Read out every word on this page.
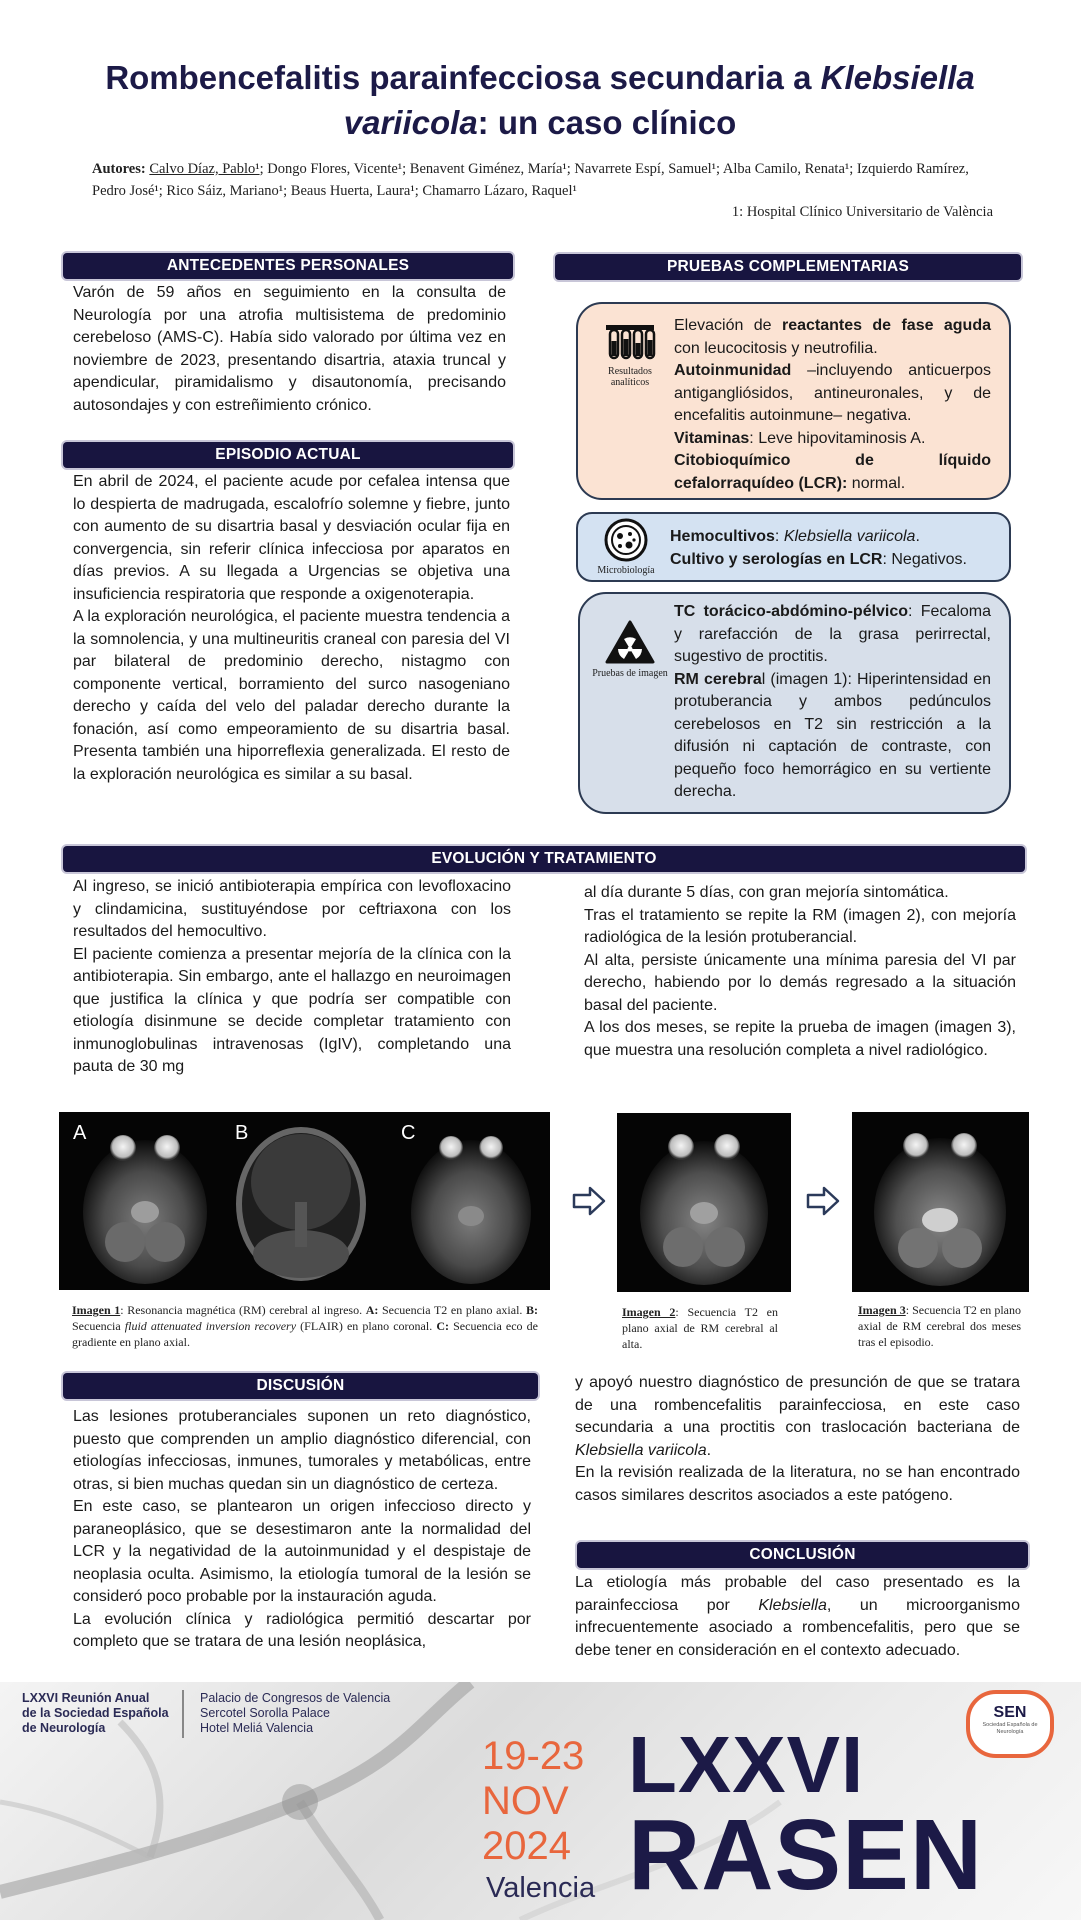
Rombencefalitis parainfecciosa secundaria a Klebsiella
variicola: un caso clínico
Autores: Calvo Díaz, Pablo¹; Dongo Flores, Vicente¹; Benavent Giménez, María¹; Navarrete Espí, Samuel¹; Alba Camilo, Renata¹; Izquierdo Ramírez, Pedro José¹; Rico Sáiz, Mariano¹; Beaus Huerta, Laura¹; Chamarro Lázaro, Raquel¹
1: Hospital Clínico Universitario de València
ANTECEDENTES PERSONALES
Varón de 59 años en seguimiento en la consulta de Neurología por una atrofia multisistema de predominio cerebeloso (AMS-C). Había sido valorado por última vez en noviembre de 2023, presentando disartria, ataxia truncal y apendicular, piramidalismo y disautonomía, precisando autosondajes y con estreñimiento crónico.
EPISODIO ACTUAL
En abril de 2024, el paciente acude por cefalea intensa que lo despierta de madrugada, escalofrío solemne y fiebre, junto con aumento de su disartria basal y desviación ocular fija en convergencia, sin referir clínica infecciosa por aparatos en días previos. A su llegada a Urgencias se objetiva una insuficiencia respiratoria que responde a oxigenoterapia.
A la exploración neurológica, el paciente muestra tendencia a la somnolencia, y una multineuritis craneal con paresia del VI par bilateral de predominio derecho, nistagmo con componente vertical, borramiento del surco nasogeniano derecho y caída del velo del paladar derecho durante la fonación, así como empeoramiento de su disartria basal. Presenta también una hiporreflexia generalizada. El resto de la exploración neurológica es similar a su basal.
PRUEBAS COMPLEMENTARIAS
Resultados analíticos

Elevación de reactantes de fase aguda con leucocitosis y neutrofilia.

Autoinmunidad –incluyendo anticuerpos antigangliósidos, antineuronales, y de encefalitis autoinmune– negativa.

Vitaminas: Leve hipovitaminosis A.

Citobioquímico de líquido cefalorraquídeo (LCR): normal.

Microbiología

Hemocultivos: Klebsiella variicola.

Cultivo y serologías en LCR: Negativos.

Pruebas de imagen

TC torácico-abdómino-pélvico: Fecaloma y rarefacción de la grasa perirrectal, sugestivo de proctitis.

RM cerebral (imagen 1): Hiperintensidad en protuberancia y ambos pedúnculos cerebelosos en T2 sin restricción a la difusión ni captación de contraste, con pequeño foco hemorrágico en su vertiente derecha.

EVOLUCIÓN Y TRATAMIENTO
Al ingreso, se inició antibioterapia empírica con levofloxacino y clindamicina, sustituyéndose por ceftriaxona con los resultados del hemocultivo.
El paciente comienza a presentar mejoría de la clínica con la antibioterapia. Sin embargo, ante el hallazgo en neuroimagen que justifica la clínica y que podría ser compatible con etiología disinmune se decide completar tratamiento con inmunoglobulinas intravenosas (IgIV), completando una pauta de 30 mg
al día durante 5 días, con gran mejoría sintomática.
Tras el tratamiento se repite la RM (imagen 2), con mejoría radiológica de la lesión protuberancial.
Al alta, persiste únicamente una mínima paresia del VI par derecho, habiendo por lo demás regresado a la situación basal del paciente.
A los dos meses, se repite la prueba de imagen (imagen 3), que muestra una resolución completa a nivel radiológico.
A	B	C
Imagen 1: Resonancia magnética (RM) cerebral al ingreso. A: Secuencia T2 en plano axial. B: Secuencia fluid attenuated inversion recovery (FLAIR) en plano coronal. C: Secuencia eco de gradiente en plano axial.
Imagen 2: Secuencia T2 en plano axial de RM cerebral al alta.
Imagen 3: Secuencia T2 en plano axial de RM cerebral dos meses tras el episodio.
DISCUSIÓN
Las lesiones protuberanciales suponen un reto diagnóstico, puesto que comprenden un amplio diagnóstico diferencial, con etiologías infecciosas, inmunes, tumorales y metabólicas, entre otras, si bien muchas quedan sin un diagnóstico de certeza.
En este caso, se plantearon un origen infeccioso directo y paraneoplásico, que se desestimaron ante la normalidad del LCR y la negatividad de la autoinmunidad y el despistaje de neoplasia oculta. Asimismo, la etiología tumoral de la lesión se consideró poco probable por la instauración aguda.
La evolución clínica y radiológica permitió descartar por completo que se tratara de una lesión neoplásica,
y apoyó nuestro diagnóstico de presunción de que se tratara de una rombencefalitis parainfecciosa, en este caso secundaria a una proctitis con traslocación bacteriana de Klebsiella variicola.
En la revisión realizada de la literatura, no se han encontrado casos similares descritos asociados a este patógeno.
CONCLUSIÓN
La etiología más probable del caso presentado es la parainfecciosa por Klebsiella, un microorganismo infrecuentemente asociado a rombencefalitis, pero que se debe tener en consideración en el contexto adecuado.
LXXVI Reunión Anual
de la Sociedad Española
de Neurología
Palacio de Congresos de Valencia
Sercotel Sorolla Palace
Hotel Meliá Valencia
19-23
NOV
2024
Valencia
LXXVI
RASEN
SEN
Sociedad Española de Neurología
